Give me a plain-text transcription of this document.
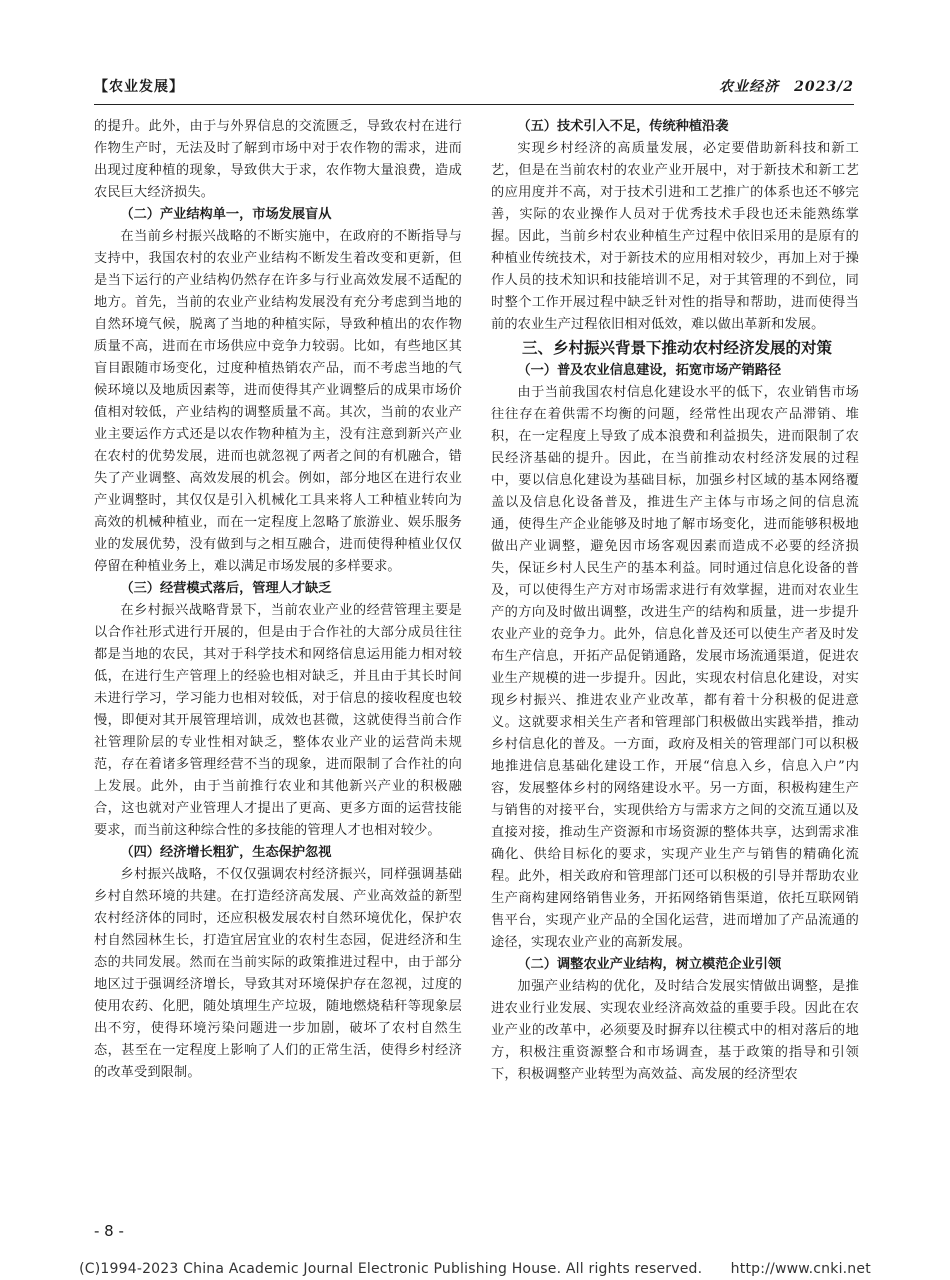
【农业发展】	农业经济　2023/2

的提升。此外，由于与外界信息的交流匮乏，导致农村在进行作物生产时，无法及时了解到市场中对于农作物的需求，进而出现过度种植的现象，导致供大于求，农作物大量浪费，造成农民巨大经济损失。

（二）产业结构单一，市场发展盲从

在当前乡村振兴战略的不断实施中，在政府的不断指导与支持中，我国农村的农业产业结构不断发生着改变和更新，但是当下运行的产业结构仍然存在许多与行业高效发展不适配的地方。首先，当前的农业产业结构发展没有充分考虑到当地的自然环境气候，脱离了当地的种植实际，导致种植出的农作物质量不高，进而在市场供应中竞争力较弱。比如，有些地区其盲目跟随市场变化，过度种植热销农产品，而不考虑当地的气候环境以及地质因素等，进而使得其产业调整后的成果市场价值相对较低，产业结构的调整质量不高。其次，当前的农业产业主要运作方式还是以农作物种植为主，没有注意到新兴产业在农村的优势发展，进而也就忽视了两者之间的有机融合，错失了产业调整、高效发展的机会。例如，部分地区在进行农业产业调整时，其仅仅是引入机械化工具来将人工种植业转向为高效的机械种植业，而在一定程度上忽略了旅游业、娱乐服务业的发展优势，没有做到与之相互融合，进而使得种植业仅仅停留在种植业务上，难以满足市场发展的多样要求。

（三）经营模式落后，管理人才缺乏

在乡村振兴战略背景下，当前农业产业的经营管理主要是以合作社形式进行开展的，但是由于合作社的大部分成员往往都是当地的农民，其对于科学技术和网络信息运用能力相对较低，在进行生产管理上的经验也相对缺乏，并且由于其长时间未进行学习，学习能力也相对较低，对于信息的接收程度也较慢，即便对其开展管理培训，成效也甚微，这就使得当前合作社管理阶层的专业性相对缺乏，整体农业产业的运营尚未规范，存在着诸多管理经营不当的现象，进而限制了合作社的向上发展。此外，由于当前推行农业和其他新兴产业的积极融合，这也就对产业管理人才提出了更高、更多方面的运营技能要求，而当前这种综合性的多技能的管理人才也相对较少。

（四）经济增长粗犷，生态保护忽视

乡村振兴战略，不仅仅强调农村经济振兴，同样强调基础乡村自然环境的共建。在打造经济高发展、产业高效益的新型农村经济体的同时，还应积极发展农村自然环境优化，保护农村自然园林生长，打造宜居宜业的农村生态园，促进经济和生态的共同发展。然而在当前实际的政策推进过程中，由于部分地区过于强调经济增长，导致其对环境保护存在忽视，过度的使用农药、化肥，随处填埋生产垃圾，随地燃烧秸秆等现象层出不穷，使得环境污染问题进一步加剧，破坏了农村自然生态，甚至在一定程度上影响了人们的正常生活，使得乡村经济的改革受到限制。

（五）技术引入不足，传统种植沿袭

实现乡村经济的高质量发展，必定要借助新科技和新工艺，但是在当前农村的农业产业开展中，对于新技术和新工艺的应用度并不高，对于技术引进和工艺推广的体系也还不够完善，实际的农业操作人员对于优秀技术手段也还未能熟练掌握。因此，当前乡村农业种植生产过程中依旧采用的是原有的种植业传统技术，对于新技术的应用相对较少，再加上对于操作人员的技术知识和技能培训不足，对于其管理的不到位，同时整个工作开展过程中缺乏针对性的指导和帮助，进而使得当前的农业生产过程依旧相对低效，难以做出革新和发展。

三、乡村振兴背景下推动农村经济发展的对策
（一）普及农业信息建设，拓宽市场产销路径

由于当前我国农村信息化建设水平的低下，农业销售市场往往存在着供需不均衡的问题，经常性出现农产品滞销、堆积，在一定程度上导致了成本浪费和利益损失，进而限制了农民经济基础的提升。因此，在当前推动农村经济发展的过程中，要以信息化建设为基础目标，加强乡村区域的基本网络覆盖以及信息化设备普及，推进生产主体与市场之间的信息流通，使得生产企业能够及时地了解市场变化，进而能够积极地做出产业调整，避免因市场客观因素而造成不必要的经济损失，保证乡村人民生产的基本利益。同时通过信息化设备的普及，可以使得生产方对市场需求进行有效掌握，进而对农业生产的方向及时做出调整，改进生产的结构和质量，进一步提升农业产业的竞争力。此外，信息化普及还可以使生产者及时发布生产信息，开拓产品促销通路，发展市场流通渠道，促进农业生产规模的进一步提升。因此，实现农村信息化建设，对实现乡村振兴、推进农业产业改革，都有着十分积极的促进意义。这就要求相关生产者和管理部门积极做出实践举措，推动乡村信息化的普及。一方面，政府及相关的管理部门可以积极地推进信息基础化建设工作，开展“信息入乡，信息入户”内容，发展整体乡村的网络建设水平。另一方面，积极构建生产与销售的对接平台，实现供给方与需求方之间的交流互通以及直接对接，推动生产资源和市场资源的整体共享，达到需求准确化、供给目标化的要求，实现产业生产与销售的精确化流程。此外，相关政府和管理部门还可以积极的引导并帮助农业生产商构建网络销售业务，开拓网络销售渠道，依托互联网销售平台，实现产业产品的全国化运营，进而增加了产品流通的途径，实现农业产业的高新发展。

（二）调整农业产业结构，树立模范企业引领

加强产业结构的优化，及时结合发展实情做出调整，是推进农业行业发展、实现农业经济高效益的重要手段。因此在农业产业的改革中，必须要及时摒弃以往模式中的相对落后的地方，积极注重资源整合和市场调查，基于政策的指导和引领下，积极调整产业转型为高效益、高发展的经济型农

- 8 -
(C)1994-2023 China Academic Journal Electronic Publishing House. All rights reserved.　　http://www.cnki.net
